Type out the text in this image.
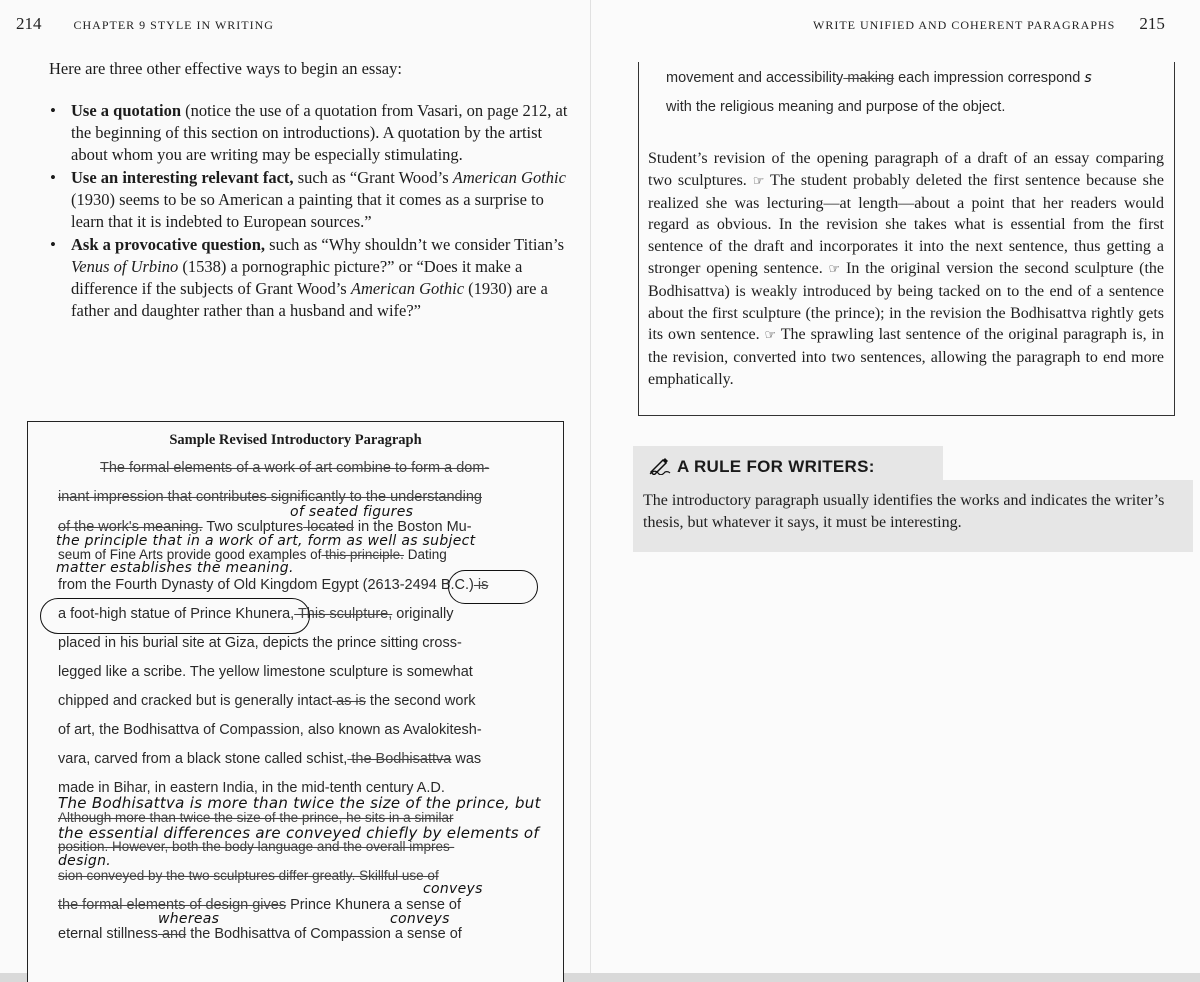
214	CHAPTER 9 STYLE IN WRITING
Here are three other effective ways to begin an essay:
• Use a quotation (notice the use of a quotation from Vasari, on page 212, at the beginning of this section on introductions). A quotation by the artist about whom you are writing may be especially stimulating.
• Use an interesting relevant fact, such as “Grant Wood’s American Gothic (1930) seems to be so American a painting that it comes as a surprise to learn that it is indebted to European sources.”
• Ask a provocative question, such as “Why shouldn’t we consider Titian’s Venus of Urbino (1538) a pornographic picture?” or “Does it make a difference if the subjects of Grant Wood’s American Gothic (1930) are a father and daughter rather than a husband and wife?”
Sample Revised Introductory Paragraph
The formal elements of a work of art combine to form a dom-
inant impression that contributes significantly to the understanding
of seated figures
of the work's meaning. Two sculptures located in the Boston Mu-
the principle that in a work of art, form as well as subject
seum of Fine Arts provide good examples of this principle. Dating
matter establishes the meaning.
from the Fourth Dynasty of Old Kingdom Egypt (2613-2494 B.C.) is
a foot-high statue of Prince Khunera, This sculpture, originally
placed in his burial site at Giza, depicts the prince sitting cross-
legged like a scribe. The yellow limestone sculpture is somewhat
chipped and cracked but is generally intact as is the second work
of art, the Bodhisattva of Compassion, also known as Avalokitesh-
vara, carved from a black stone called schist, the Bodhisattva was
made in Bihar, in eastern India, in the mid-tenth century A.D.
The Bodhisattva is more than twice the size of the prince, but
Although more than twice the size of the prince, he sits in a similar
the essential differences are conveyed chiefly by elements of
position. However, both the body language and the overall impres-
design.
sion conveyed by the two sculptures differ greatly. Skillful use of
conveys
the formal elements of design gives Prince Khunera a sense of
whereas	conveys
eternal stillness and the Bodhisattva of Compassion a sense of
WRITE UNIFIED AND COHERENT PARAGRAPHS 215
movement and accessibility making each impression correspond s
with the religious meaning and purpose of the object.
Student’s revision of the opening paragraph of a draft of an essay comparing two sculptures. ☞ The student probably deleted the first sentence because she realized she was lecturing—at length—about a point that her readers would regard as obvious. In the revision she takes what is essential from the first sentence of the draft and incorporates it into the next sentence, thus getting a stronger opening sentence. ☞ In the original version the second sculpture (the Bodhisattva) is weakly introduced by being tacked on to the end of a sentence about the first sculpture (the prince); in the revision the Bodhisattva rightly gets its own sentence. ☞ The sprawling last sentence of the original paragraph is, in the revision, converted into two sentences, allowing the paragraph to end more emphatically.
A RULE FOR WRITERS:
The introductory paragraph usually identifies the works and indicates the writer’s thesis, but whatever it says, it must be interesting.
